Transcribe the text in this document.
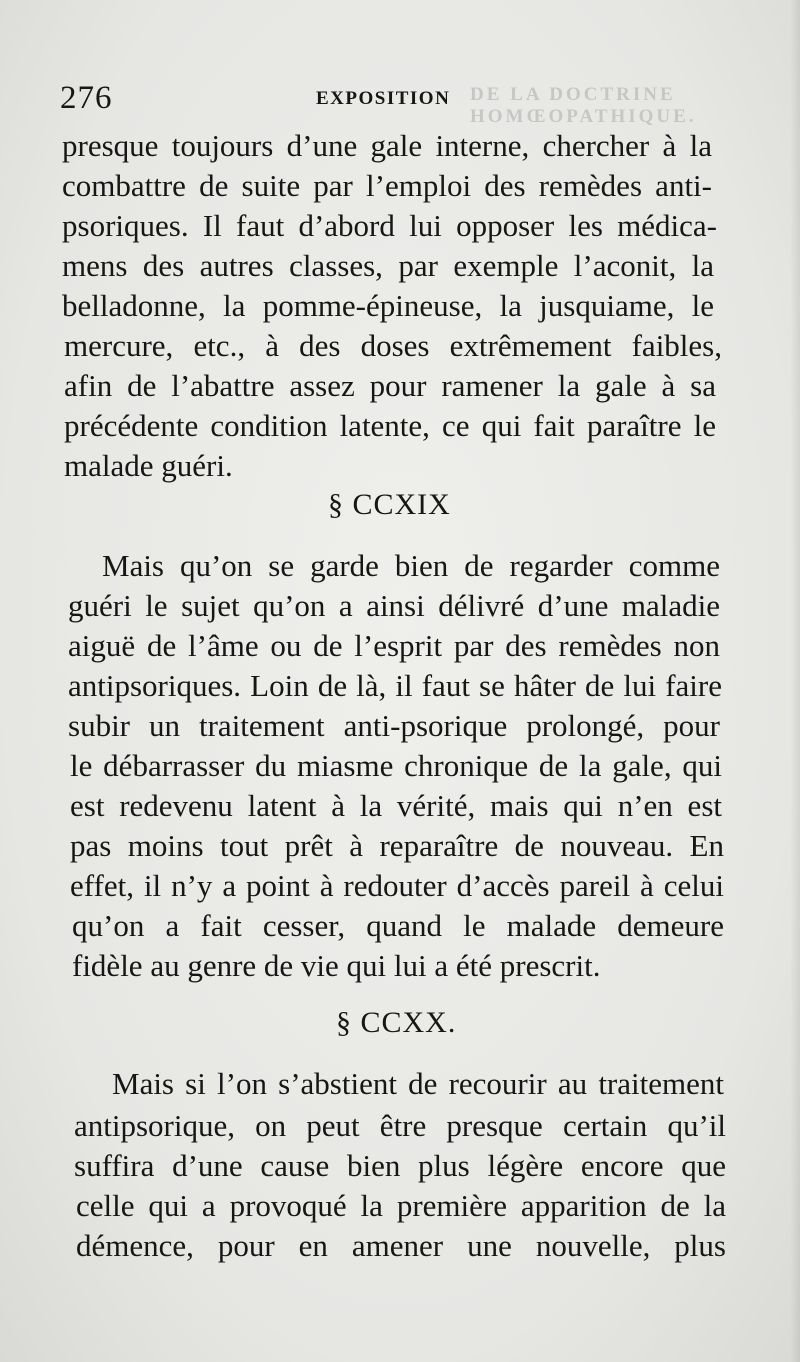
DE LA DOCTRINE HOMŒOPATHIQUE.
276	EXPOSITION
presque toujours d’une gale interne, chercher à la
combattre de suite par l’emploi des remèdes anti-
psoriques. Il faut d’abord lui opposer les médica-
mens des autres classes, par exemple l’aconit, la
belladonne, la pomme-épineuse, la jusquiame, le
mercure, etc., à des doses extrêmement faibles,
afin de l’abattre assez pour ramener la gale à sa
précédente condition latente, ce qui fait paraître le
malade guéri.
§ CCXIX
Mais qu’on se garde bien de regarder comme
guéri le sujet qu’on a ainsi délivré d’une maladie
aiguë de l’âme ou de l’esprit par des remèdes non
antipsoriques. Loin de là, il faut se hâter de lui faire
subir un traitement anti-psorique prolongé, pour
le débarrasser du miasme chronique de la gale, qui
est redevenu latent à la vérité, mais qui n’en est
pas moins tout prêt à reparaître de nouveau. En
effet, il n’y a point à redouter d’accès pareil à celui
qu’on a fait cesser, quand le malade demeure
fidèle au genre de vie qui lui a été prescrit.
§ CCXX.
Mais si l’on s’abstient de recourir au traitement
antipsorique, on peut être presque certain qu’il
suffira d’une cause bien plus légère encore que
celle qui a provoqué la première apparition de la
démence, pour en amener une nouvelle, plus
